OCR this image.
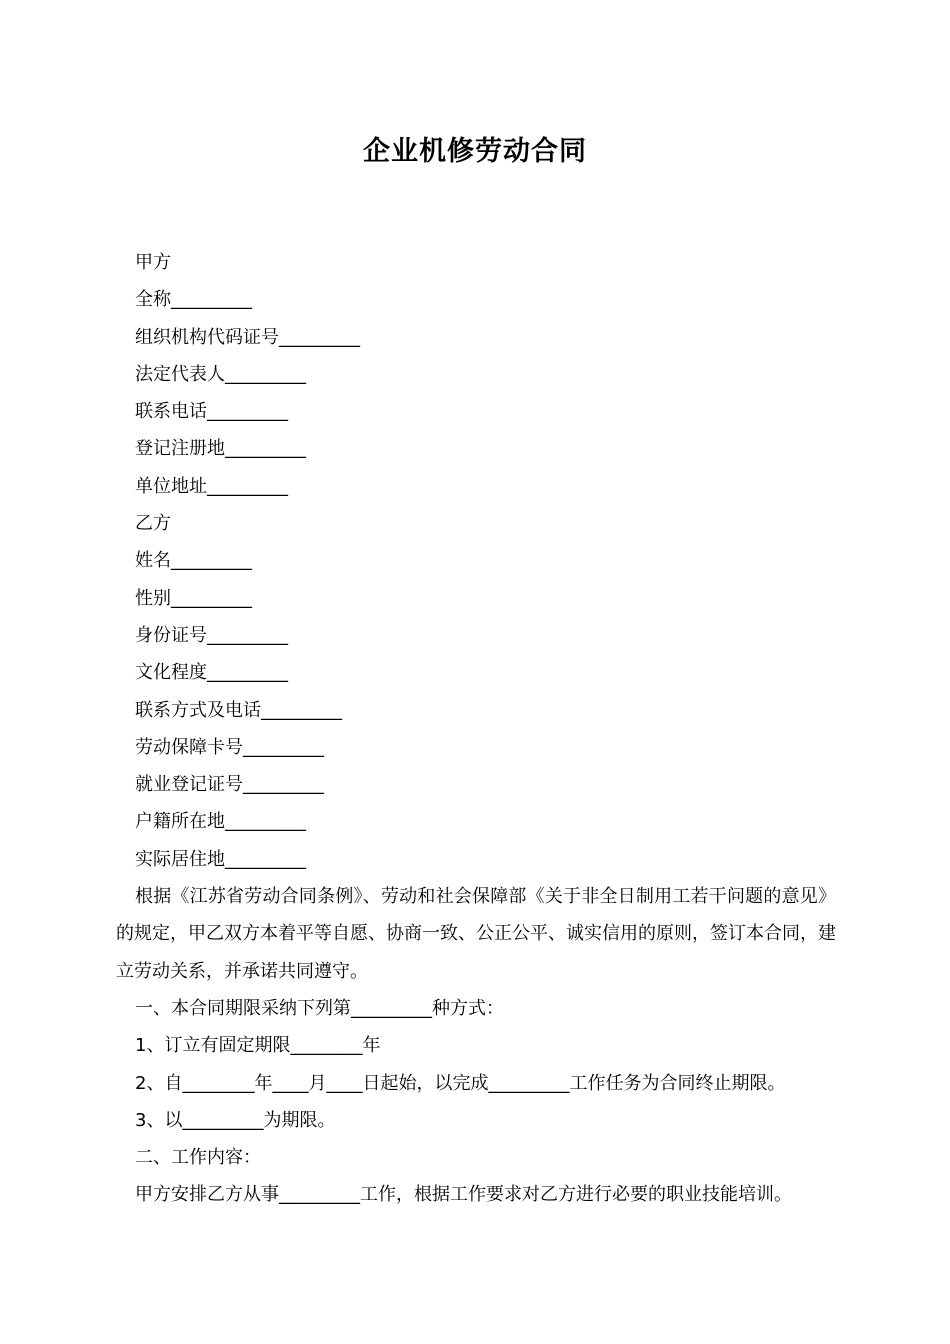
企业机修劳动合同
甲方
全称_________
组织机构代码证号_________
法定代表人_________
联系电话_________
登记注册地_________
单位地址_________
乙方
姓名_________
性别_________
身份证号_________
文化程度_________
联系方式及电话_________
劳动保障卡号_________
就业登记证号_________
户籍所在地_________
实际居住地_________
根据《江苏省劳动合同条例》、劳动和社会保障部《关于非全日制用工若干问题的意见》的规定，甲乙双方本着平等自愿、协商一致、公正公平、诚实信用的原则，签订本合同，建立劳动关系，并承诺共同遵守。
一、本合同期限采纳下列第_________种方式：
1、订立有固定期限________年
2、自________年____月____日起始，以完成_________工作任务为合同终止期限。
3、以_________为期限。
二、工作内容：
甲方安排乙方从事_________工作，根据工作要求对乙方进行必要的职业技能培训。
